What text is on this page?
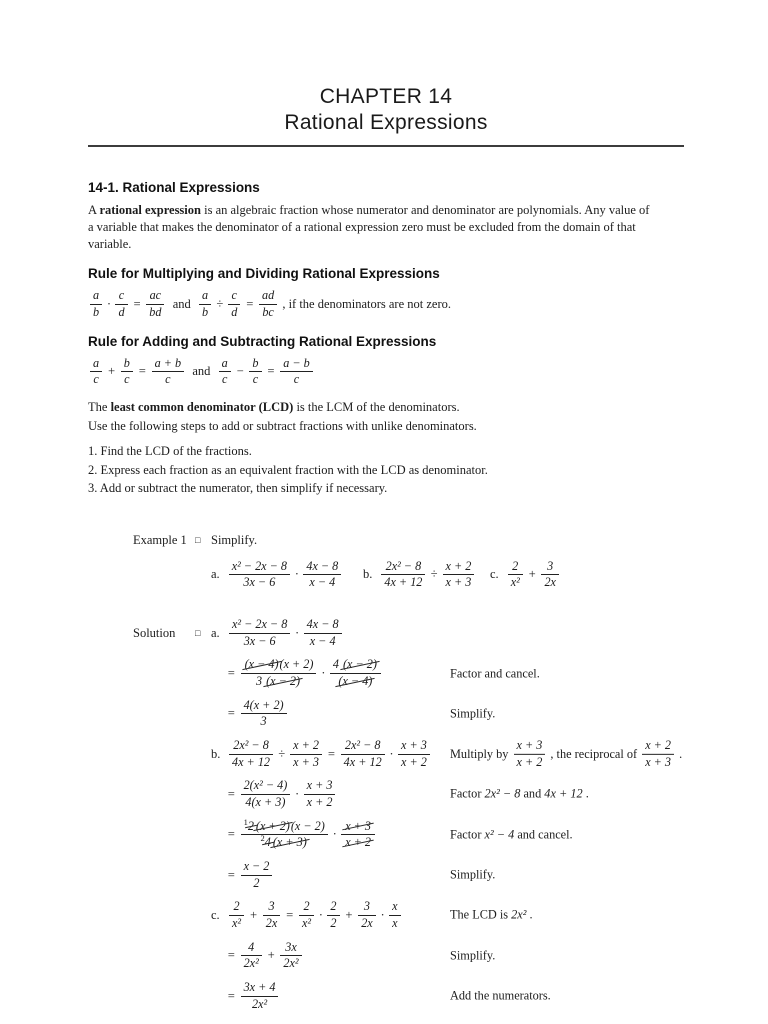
CHAPTER 14
Rational Expressions
14-1. Rational Expressions

A rational expression is an algebraic fraction whose numerator and denominator are polynomials. Any value of a variable that makes the denominator of a rational expression zero must be excluded from the domain of that variable.

Rule for Multiplying and Dividing Rational Expressions
a
b
· $\frac{c}{d} = \frac{ac}{bd}$ and $\frac{a}{b} \div \frac{c}{d} = \frac{ad}{bc}$ , if the denominators are not zero.
Rule for Adding and Subtracting Rational Expressions
a
c
+ $\frac{b}{c} = \frac{a + b}{c}$ and
a
c
− $\frac{b}{c} = \frac{a - b}{c}$

The least common denominator (LCD) is the LCM of the denominators.

Use the following steps to add or subtract fractions with unlike denominators.

1. Find the LCD of the fractions.
2. Express each fraction as an equivalent fraction with the LCD as denominator.
3. Add or subtract the numerator, then simplify if necessary.
Example 1 □ Simplify.
a.
x² − 2x − 8
3x − 6
·
4x − 8
x − 4
b. $\frac{\text{2x² − 8}}{4x + 12} \div \frac{x + 2}{x + 3} c$.
2
x²
+ $\frac{3}{2x}$
Solution	□ a.
x² − 2x − 8
3x − 6
·
4x − 8
x − 4
= $\frac{(x - 4)(x + 2)}{3 (x - 2)}$ ·
4 (x − 2)
(x − 4)
Factor and cancel.
= $\frac{4(x + 2)}{3}$	Simplify.
b. $\frac{\text{2x² − 8}}{4x + 12} \div \frac{x + 2}{x + 3} = \frac{\text{2x² − 8}}{4x + 12}$ ·
x + 3
x + 2
Multiply by
x + 3
x + 2
, the reciprocal of
x + 2
x + 3
.
= $\frac{\text{2(x² − 4)}}{4(x + 3)}$ ·
x + 3
x + 2
Factor 2x² − 8 and 4x + 12 .
= $\frac{^12 (x + 2)(x - 2)}{^24 (x + 3)}$ ·
x + 3
x + 2
Factor x² − 4 and cancel.
= $\frac{x - 2}{2}$	Simplify.
c.
2
x²
+ $\frac{3}{2x} = \frac{2}{\text{x²}}$ ·
2
2
+ $\frac{3}{2x}$ ·
x
x
The LCD is 2x² .
= $\frac{4}{\text{2x²}} + \frac{3x}{\text{2x²}}$	Simplify.
= $\frac{3x + 4}{\text{2x²}}$	Add the numerators.
